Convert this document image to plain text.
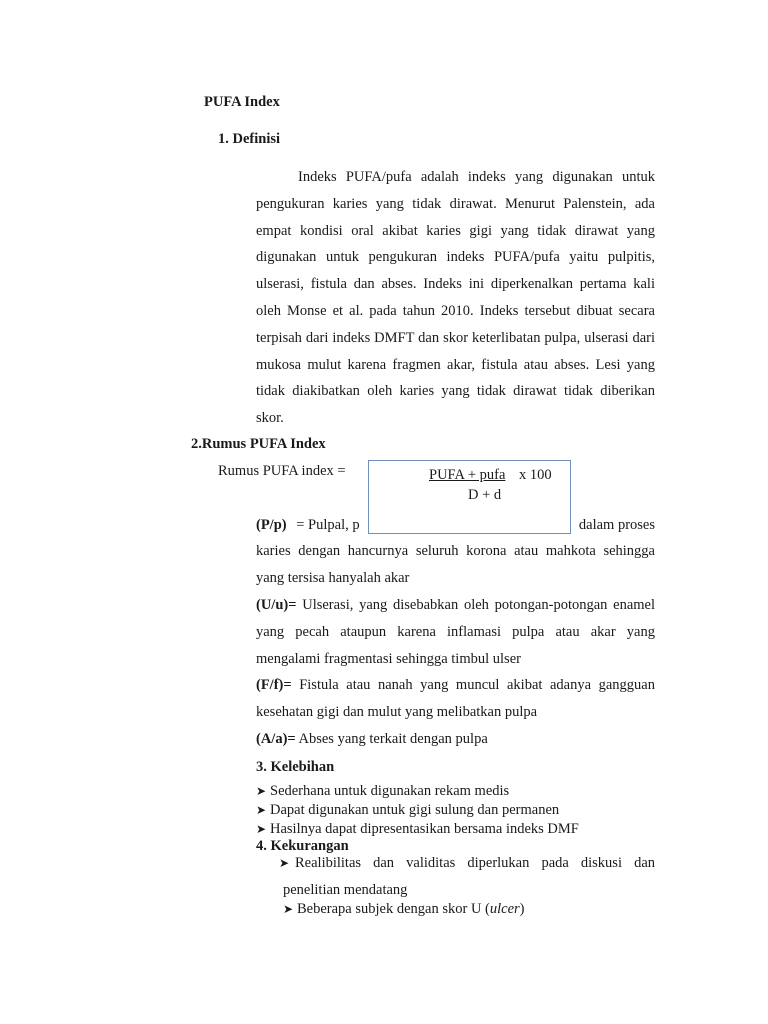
PUFA Index
1. Definisi

Indeks PUFA/pufa adalah indeks yang digunakan untuk pengukuran karies yang tidak dirawat. Menurut Palenstein, ada empat kondisi oral akibat karies gigi yang tidak dirawat yang digunakan untuk pengukuran indeks PUFA/pufa yaitu pulpitis, ulserasi, fistula dan abses. Indeks ini diperkenalkan pertama kali oleh Monse et al. pada tahun 2010. Indeks tersebut dibuat secara terpisah dari indeks DMFT dan skor keterlibatan pulpa, ulserasi dari mukosa mulut karena fragmen akar, fistula atau abses. Lesi yang tidak diakibatkan oleh karies yang tidak dirawat tidak diberikan skor.

2.Rumus PUFA Index
Rumus PUFA index =
(P/p) = Pulpal, p	dalam proses
PUFA + pufa x 100
D + d

karies dengan hancurnya seluruh korona atau mahkota sehingga yang tersisa hanyalah akar

(U/u)= Ulserasi, yang disebabkan oleh potongan-potongan enamel yang pecah ataupun karena inflamasi pulpa atau akar yang mengalami fragmentasi sehingga timbul ulser

(F/f)= Fistula atau nanah yang muncul akibat adanya gangguan kesehatan gigi dan mulut yang melibatkan pulpa

(A/a)= Abses yang terkait dengan pulpa

3. Kelebihan
➤ Sederhana untuk digunakan rekam medis
➤ Dapat digunakan untuk gigi sulung dan permanen
➤ Hasilnya dapat dipresentasikan bersama indeks DMF
4. Kekurangan

➤ Realibilitas dan validitas diperlukan pada diskusi dan penelitian mendatang

➤ Beberapa subjek dengan skor U (ulcer)
